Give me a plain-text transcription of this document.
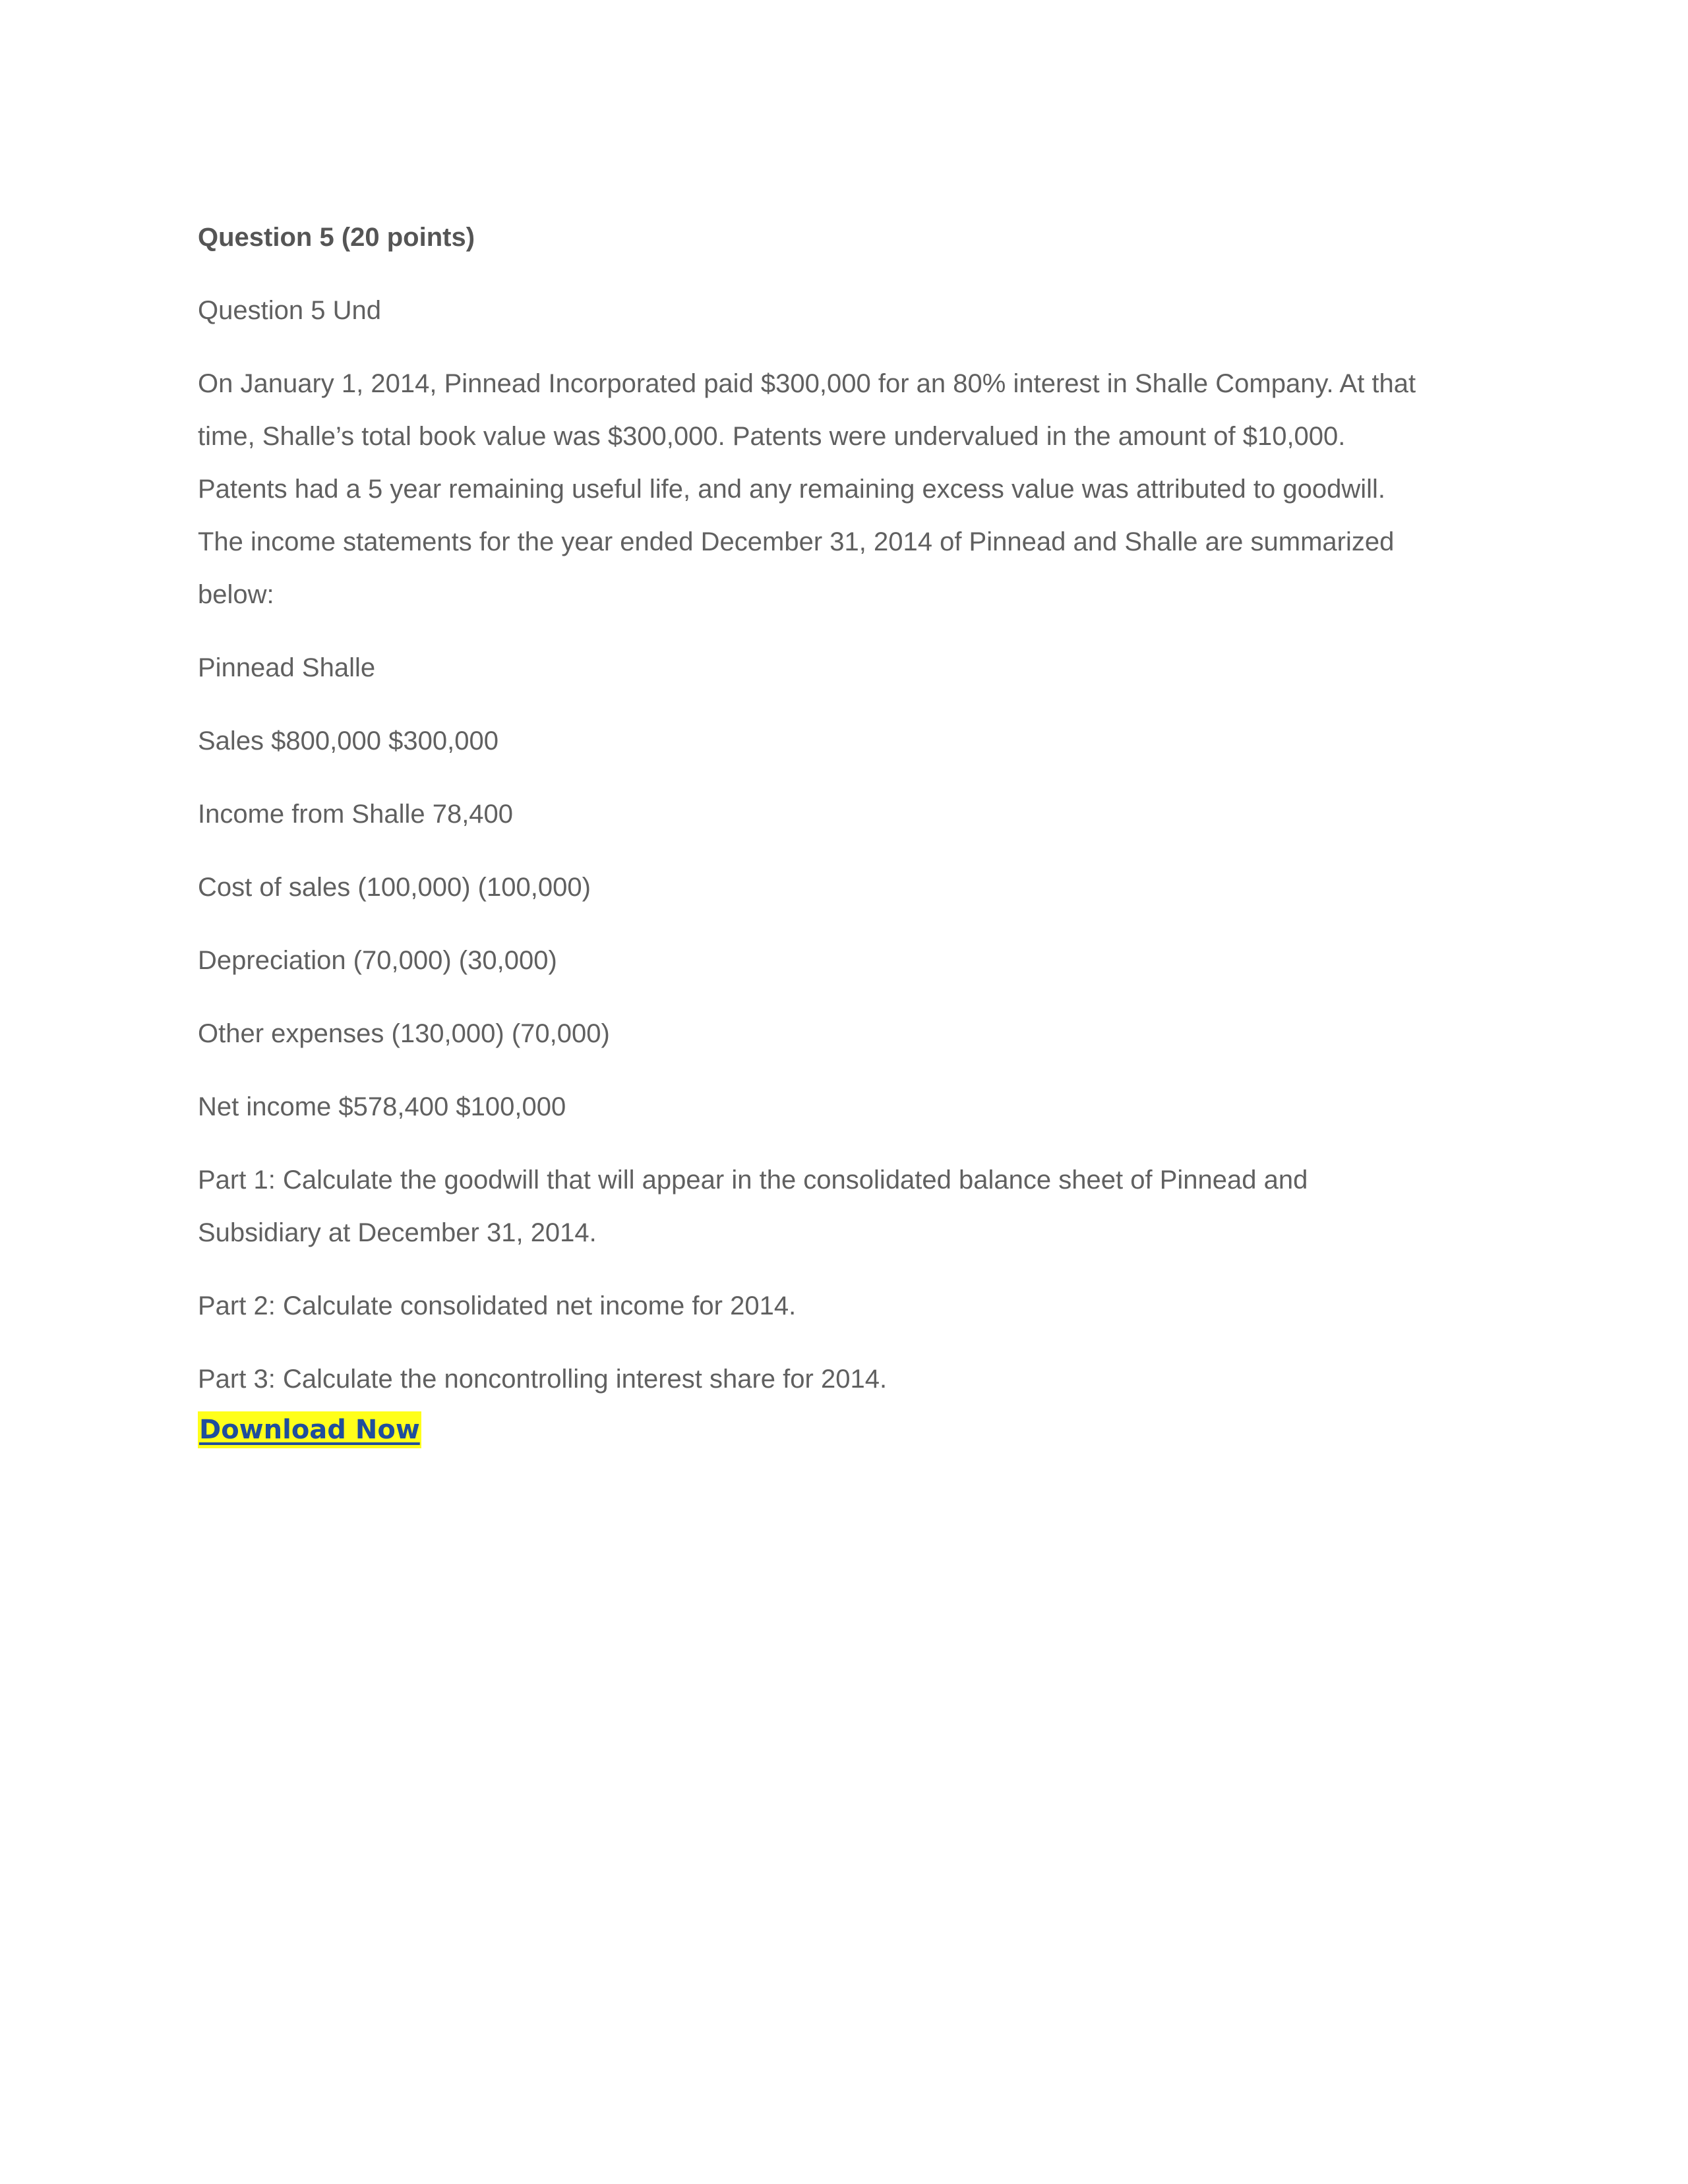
Question 5 (20 points)
Question 5 Und
On January 1, 2014, Pinnead Incorporated paid $300,000 for an 80% interest in Shalle Company. At that
time, Shalle’s total book value was $300,000. Patents were undervalued in the amount of $10,000.
Patents had a 5 year remaining useful life, and any remaining excess value was attributed to goodwill.
The income statements for the year ended December 31, 2014 of Pinnead and Shalle are summarized
below:
Pinnead Shalle
Sales $800,000 $300,000
Income from Shalle 78,400
Cost of sales (100,000) (100,000)
Depreciation (70,000) (30,000)
Other expenses (130,000) (70,000)
Net income $578,400 $100,000
Part 1: Calculate the goodwill that will appear in the consolidated balance sheet of Pinnead and
Subsidiary at December 31, 2014.
Part 2: Calculate consolidated net income for 2014.
Part 3: Calculate the noncontrolling interest share for 2014.
Download Now
